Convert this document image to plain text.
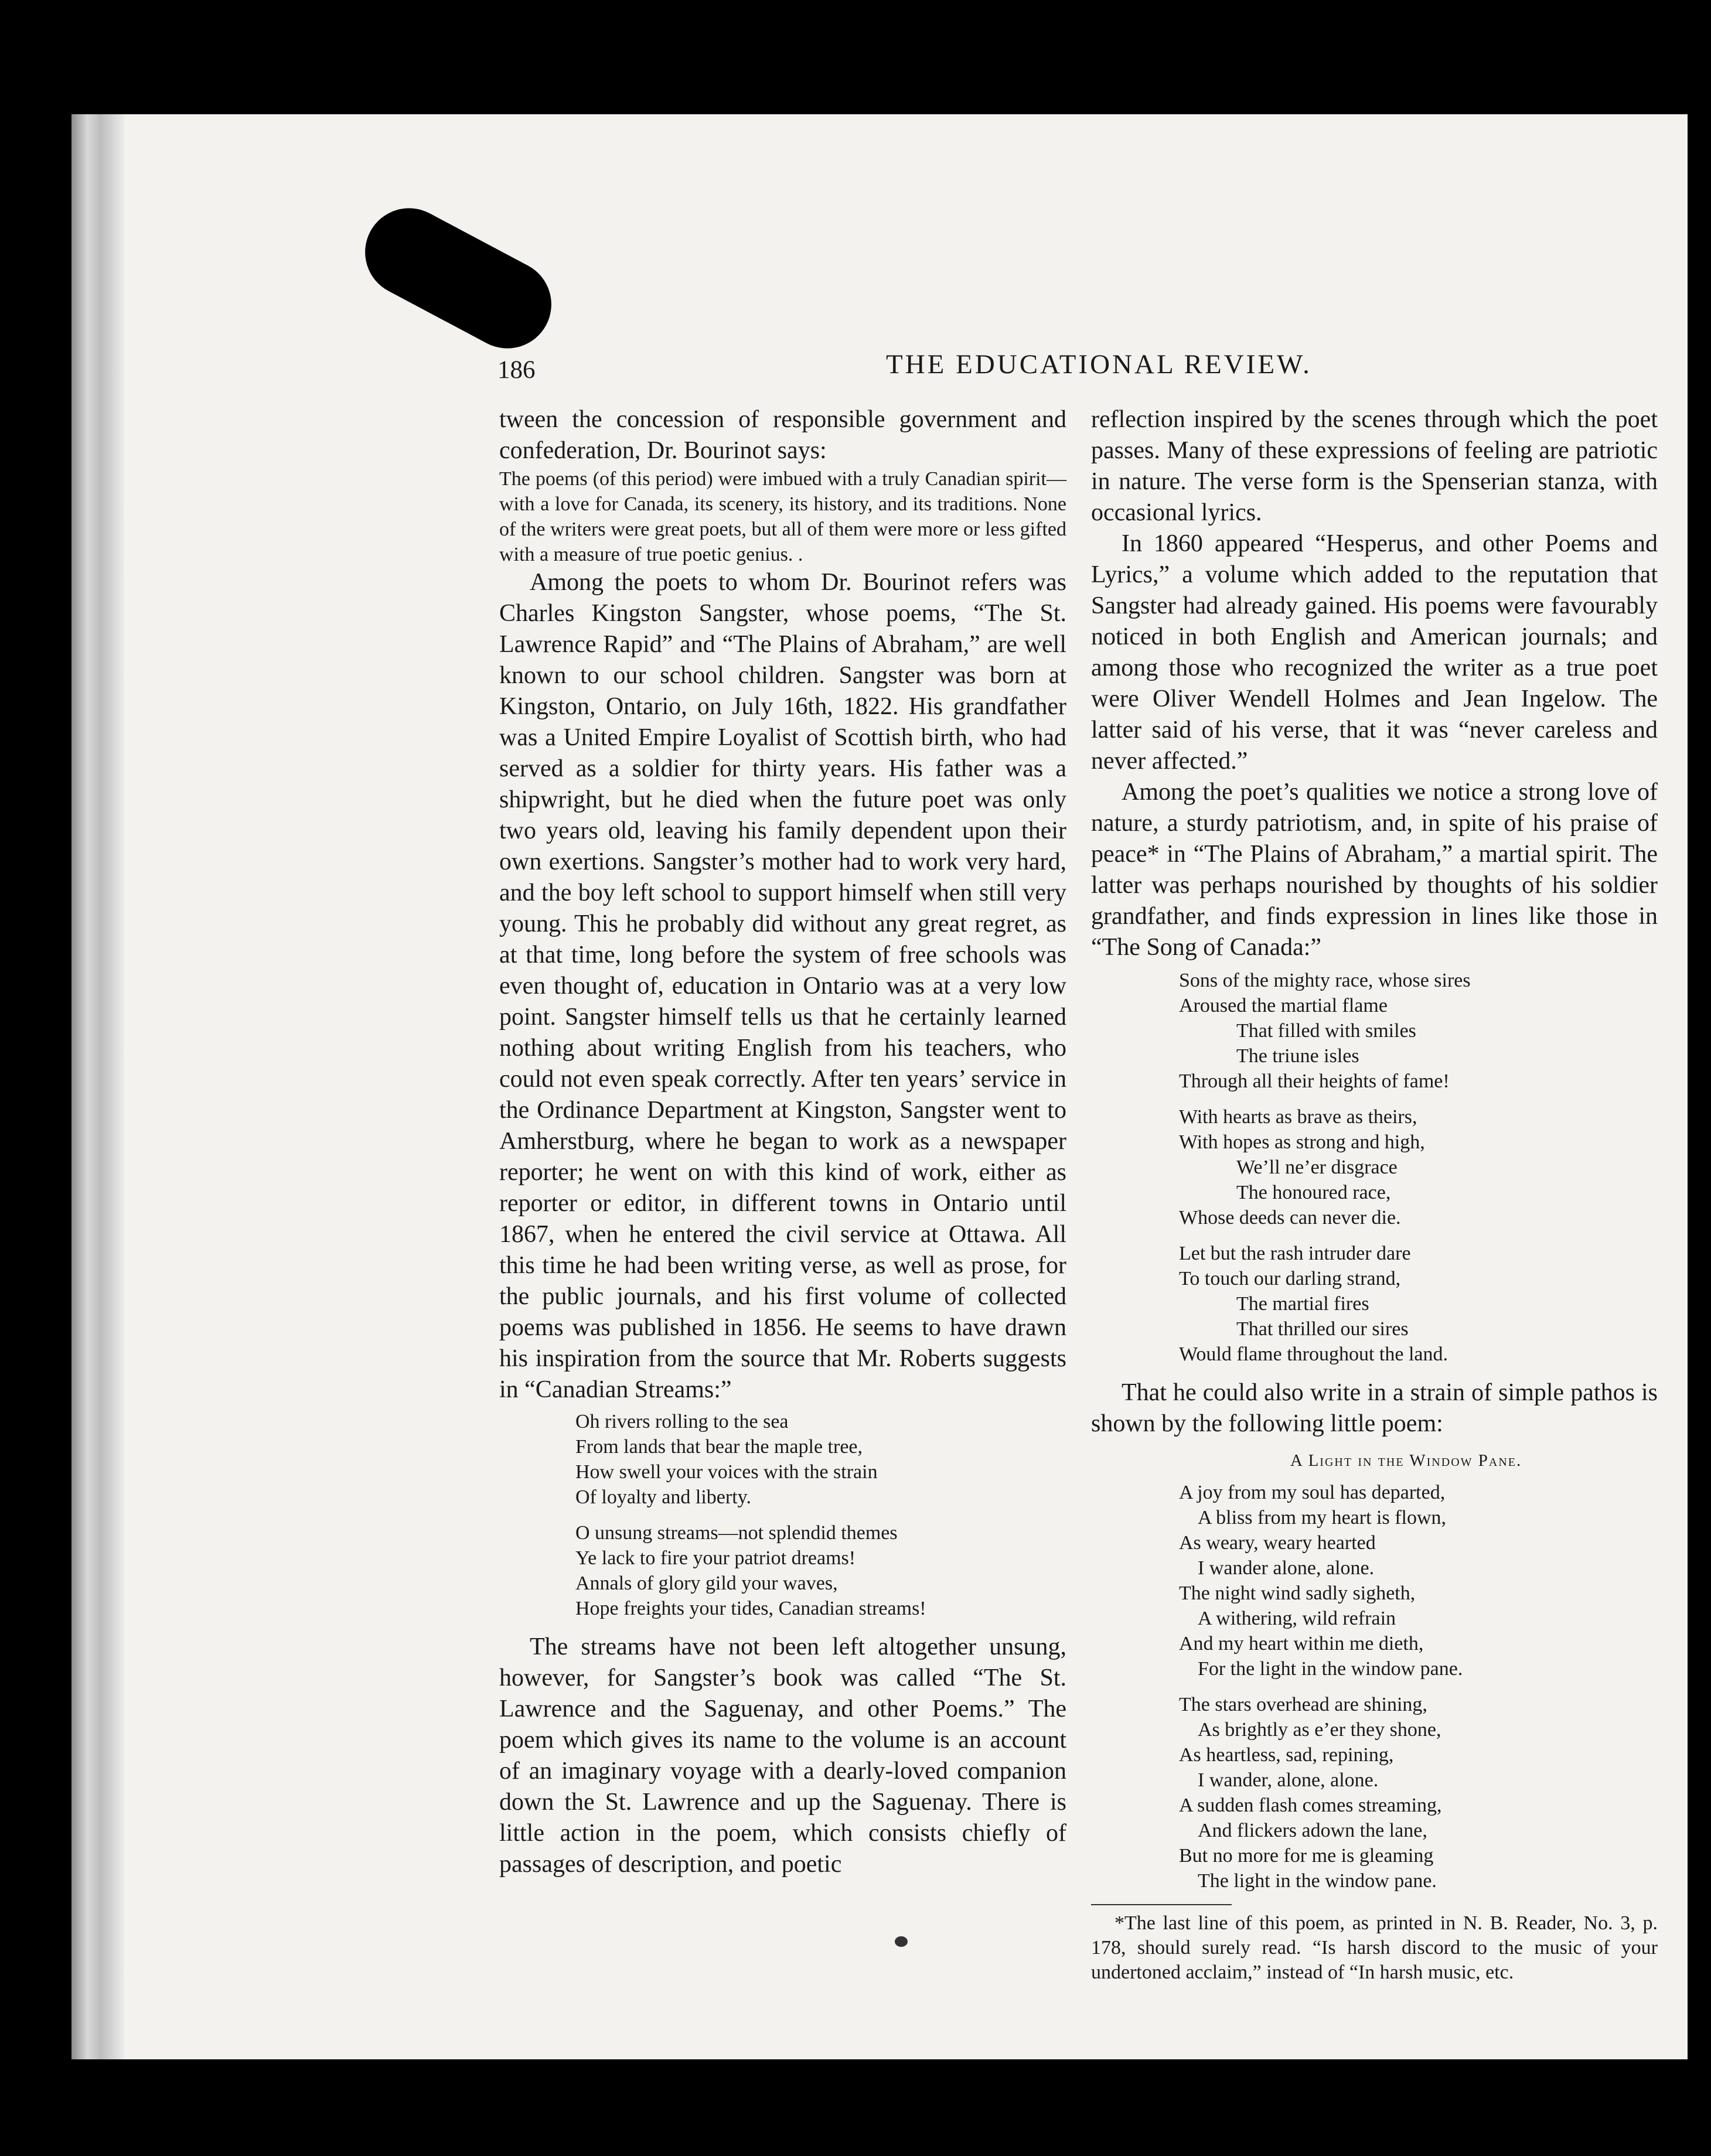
186	THE EDUCATIONAL REVIEW.

tween the concession of responsible government and confederation, Dr. Bourinot says:

The poems (of this period) were imbued with a truly Canadian spirit—with a love for Canada, its scenery, its history, and its traditions. None of the writers were great poets, but all of them were more or less gifted with a measure of true poetic genius. .

Among the poets to whom Dr. Bourinot refers was Charles Kingston Sangster, whose poems, “The St. Lawrence Rapid” and “The Plains of Abraham,” are well known to our school children. Sangster was born at Kingston, Ontario, on July 16th, 1822. His grandfather was a United Empire Loyalist of Scottish birth, who had served as a soldier for thirty years. His father was a shipwright, but he died when the future poet was only two years old, leaving his family dependent upon their own exertions. Sangster’s mother had to work very hard, and the boy left school to support himself when still very young. This he probably did without any great regret, as at that time, long before the system of free schools was even thought of, education in Ontario was at a very low point. Sangster himself tells us that he certainly learned nothing about writing English from his teachers, who could not even speak correctly. After ten years’ service in the Ordinance Department at Kingston, Sangster went to Amherstburg, where he began to work as a newspaper reporter; he went on with this kind of work, either as reporter or editor, in different towns in Ontario until 1867, when he entered the civil service at Ottawa. All this time he had been writing verse, as well as prose, for the public journals, and his first volume of collected poems was published in 1856. He seems to have drawn his inspiration from the source that Mr. Roberts suggests in “Canadian Streams:”

Oh rivers rolling to the sea
From lands that bear the maple tree,
How swell your voices with the strain
Of loyalty and liberty.
O unsung streams—not splendid themes
Ye lack to fire your patriot dreams!
Annals of glory gild your waves,
Hope freights your tides, Canadian streams!

The streams have not been left altogether unsung, however, for Sangster’s book was called “The St. Lawrence and the Saguenay, and other Poems.” The poem which gives its name to the volume is an account of an imaginary voyage with a dearly-loved companion down the St. Lawrence and up the Saguenay. There is little action in the poem, which consists chiefly of passages of description, and poetic

reflection inspired by the scenes through which the poet passes. Many of these expressions of feeling are patriotic in nature. The verse form is the Spenserian stanza, with occasional lyrics.

In 1860 appeared “Hesperus, and other Poems and Lyrics,” a volume which added to the reputation that Sangster had already gained. His poems were favourably noticed in both English and American journals; and among those who recognized the writer as a true poet were Oliver Wendell Holmes and Jean Ingelow. The latter said of his verse, that it was “never careless and never affected.”

Among the poet’s qualities we notice a strong love of nature, a sturdy patriotism, and, in spite of his praise of peace* in “The Plains of Abraham,” a martial spirit. The latter was perhaps nourished by thoughts of his soldier grandfather, and finds expression in lines like those in “The Song of Canada:”

Sons of the mighty race, whose sires
Aroused the martial flame
That filled with smiles
The triune isles
Through all their heights of fame!
With hearts as brave as theirs,
With hopes as strong and high,
We’ll ne’er disgrace
The honoured race,
Whose deeds can never die.
Let but the rash intruder dare
To touch our darling strand,
The martial fires
That thrilled our sires
Would flame throughout the land.

That he could also write in a strain of simple pathos is shown by the following little poem:

A Light in the Window Pane.
A joy from my soul has departed,
A bliss from my heart is flown,
As weary, weary hearted
I wander alone, alone.
The night wind sadly sigheth,
A withering, wild refrain
And my heart within me dieth,
For the light in the window pane.
The stars overhead are shining,
As brightly as e’er they shone,
As heartless, sad, repining,
I wander, alone, alone.
A sudden flash comes streaming,
And flickers adown the lane,
But no more for me is gleaming
The light in the window pane.

*The last line of this poem, as printed in N. B. Reader, No. 3, p. 178, should surely read. “Is harsh discord to the music of your undertoned acclaim,” instead of “In harsh music, etc.
